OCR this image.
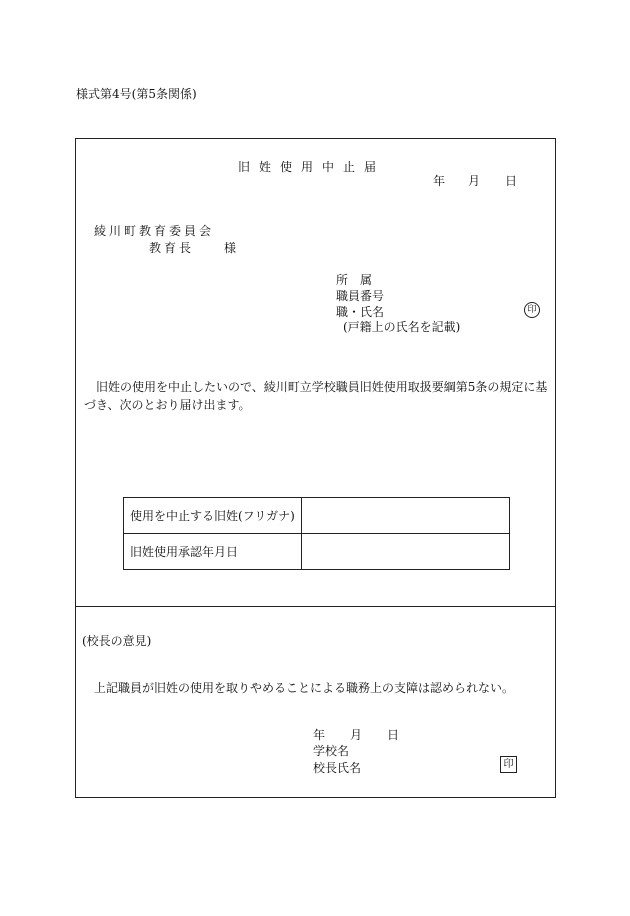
様式第4号(第5条関係)
旧姓使用中止届
年 月 日
綾川町教育委員会
教育長　　様
所　属
職員番号
職・氏名
(戸籍上の氏名を記載)
印
旧姓の使用を中止したいので、綾川町立学校職員旧姓使用取扱要綱第5条の規定に基づき、次のとおり届け出ます。
使用を中止する旧姓(フリガナ)	
旧姓使用承認年月日	
(校長の意見)
上記職員が旧姓の使用を取りやめることによる職務上の支障は認められない。
年 月 日
学校名
校長氏名	印
